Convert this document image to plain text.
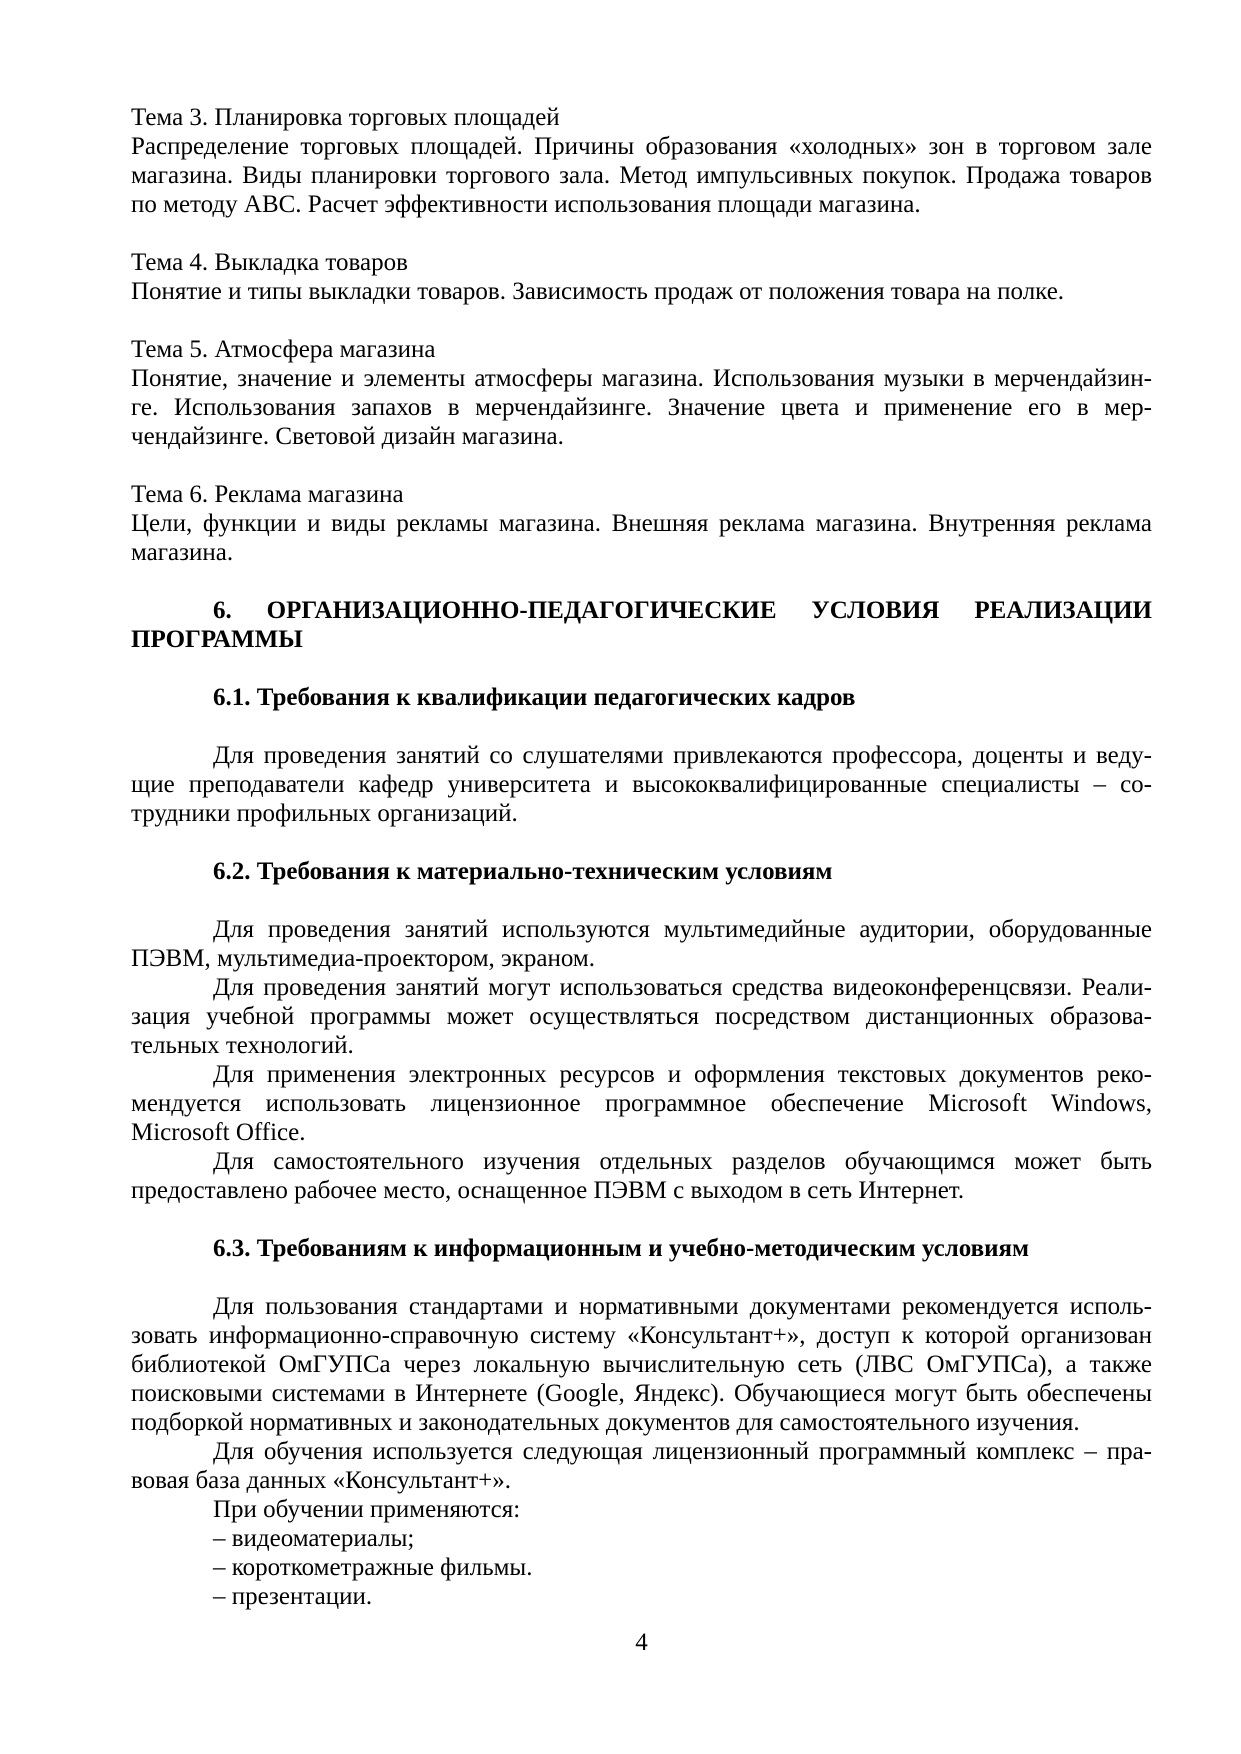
Тема 3. Планировка торговых площадей
Распределение торговых площадей. Причины образования «холодных» зон в торговом зале
магазина. Виды планировки торгового зала. Метод импульсивных покупок. Продажа товаров
по методу ABC. Расчет эффективности использования площади магазина.
Тема 4. Выкладка товаров
Понятие и типы выкладки товаров. Зависимость продаж от положения товара на полке.
Тема 5. Атмосфера магазина
Понятие, значение и элементы атмосферы магазина. Использования музыки в мерчендайзин-
ге. Использования запахов в мерчендайзинге. Значение цвета и применение его в мер-
чендайзинге. Световой дизайн магазина.
Тема 6. Реклама магазина
Цели, функции и виды рекламы магазина. Внешняя реклама магазина. Внутренняя реклама
магазина.
6. ОРГАНИЗАЦИОННО-ПЕДАГОГИЧЕСКИЕ УСЛОВИЯ РЕАЛИЗАЦИИ
ПРОГРАММЫ
6.1. Требования к квалификации педагогических кадров
Для проведения занятий со слушателями привлекаются профессора, доценты и веду-
щие преподаватели кафедр университета и высококвалифицированные специалисты – со-
трудники профильных организаций.
6.2. Требования к материально-техническим условиям
Для проведения занятий используются мультимедийные аудитории, оборудованные
ПЭВМ, мультимедиа-проектором, экраном.
Для проведения занятий могут использоваться средства видеоконференцсвязи. Реали-
зация учебной программы может осуществляться посредством дистанционных образова-
тельных технологий.
Для применения электронных ресурсов и оформления текстовых документов реко-
мендуется использовать лицензионное программное обеспечение Microsoft Windows,
Microsoft Office.
Для самостоятельного изучения отдельных разделов обучающимся может быть
предоставлено рабочее место, оснащенное ПЭВМ с выходом в сеть Интернет.
6.3. Требованиям к информационным и учебно-методическим условиям
Для пользования стандартами и нормативными документами рекомендуется исполь-
зовать информационно-справочную систему «Консультант+», доступ к которой организован
библиотекой ОмГУПСа через локальную вычислительную сеть (ЛВС ОмГУПСа), а также
поисковыми системами в Интернете (Google, Яндекс). Обучающиеся могут быть обеспечены
подборкой нормативных и законодательных документов для самостоятельного изучения.
Для обучения используется следующая лицензионный программный комплекс – пра-
вовая база данных «Консультант+».
При обучении применяются:
– видеоматериалы;
– короткометражные фильмы.
– презентации.
4
